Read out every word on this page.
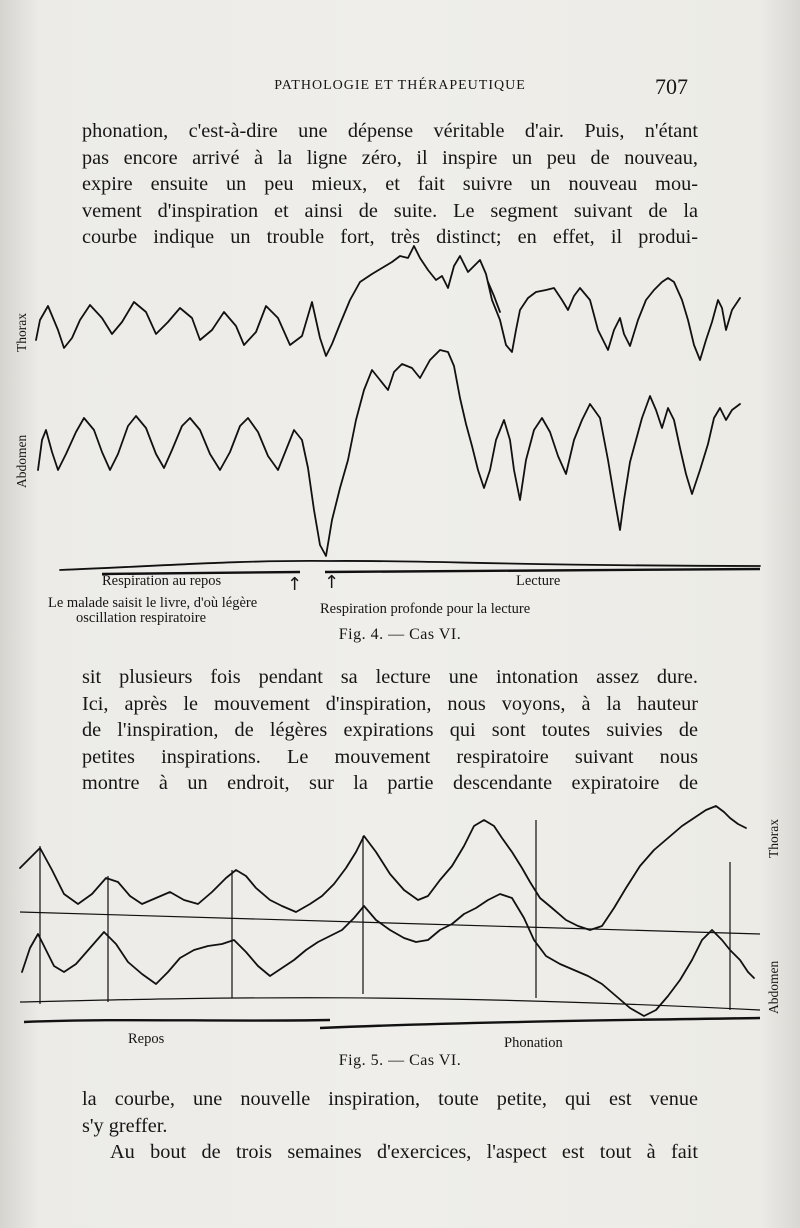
PATHOLOGIE ET THÉRAPEUTIQUE	707
phonation, c'est-à-dire une dépense véritable d'air. Puis, n'étant
pas encore arrivé à la ligne zéro, il inspire un peu de nouveau,
expire ensuite un peu mieux, et fait suivre un nouveau mou-
vement d'inspiration et ainsi de suite. Le segment suivant de la
courbe indique un trouble fort, très distinct; en effet, il produi-
Thorax
Abdomen
Respiration au repos	↑ ↑	Lecture
Le malade saisit le livre, d'où légère
oscillation respiratoire
Respiration profonde pour la lecture
Fig. 4. — Cas VI.
sit plusieurs fois pendant sa lecture une intonation assez dure.
Ici, après le mouvement d'inspiration, nous voyons, à la hauteur
de l'inspiration, de légères expirations qui sont toutes suivies de
petites inspirations. Le mouvement respiratoire suivant nous
montre à un endroit, sur la partie descendante expiratoire de
Thorax
Abdomen
Repos	Phonation
Fig. 5. — Cas VI.
la courbe, une nouvelle inspiration, toute petite, qui est venue
s'y greffer.
Au bout de trois semaines d'exercices, l'aspect est tout à fait
